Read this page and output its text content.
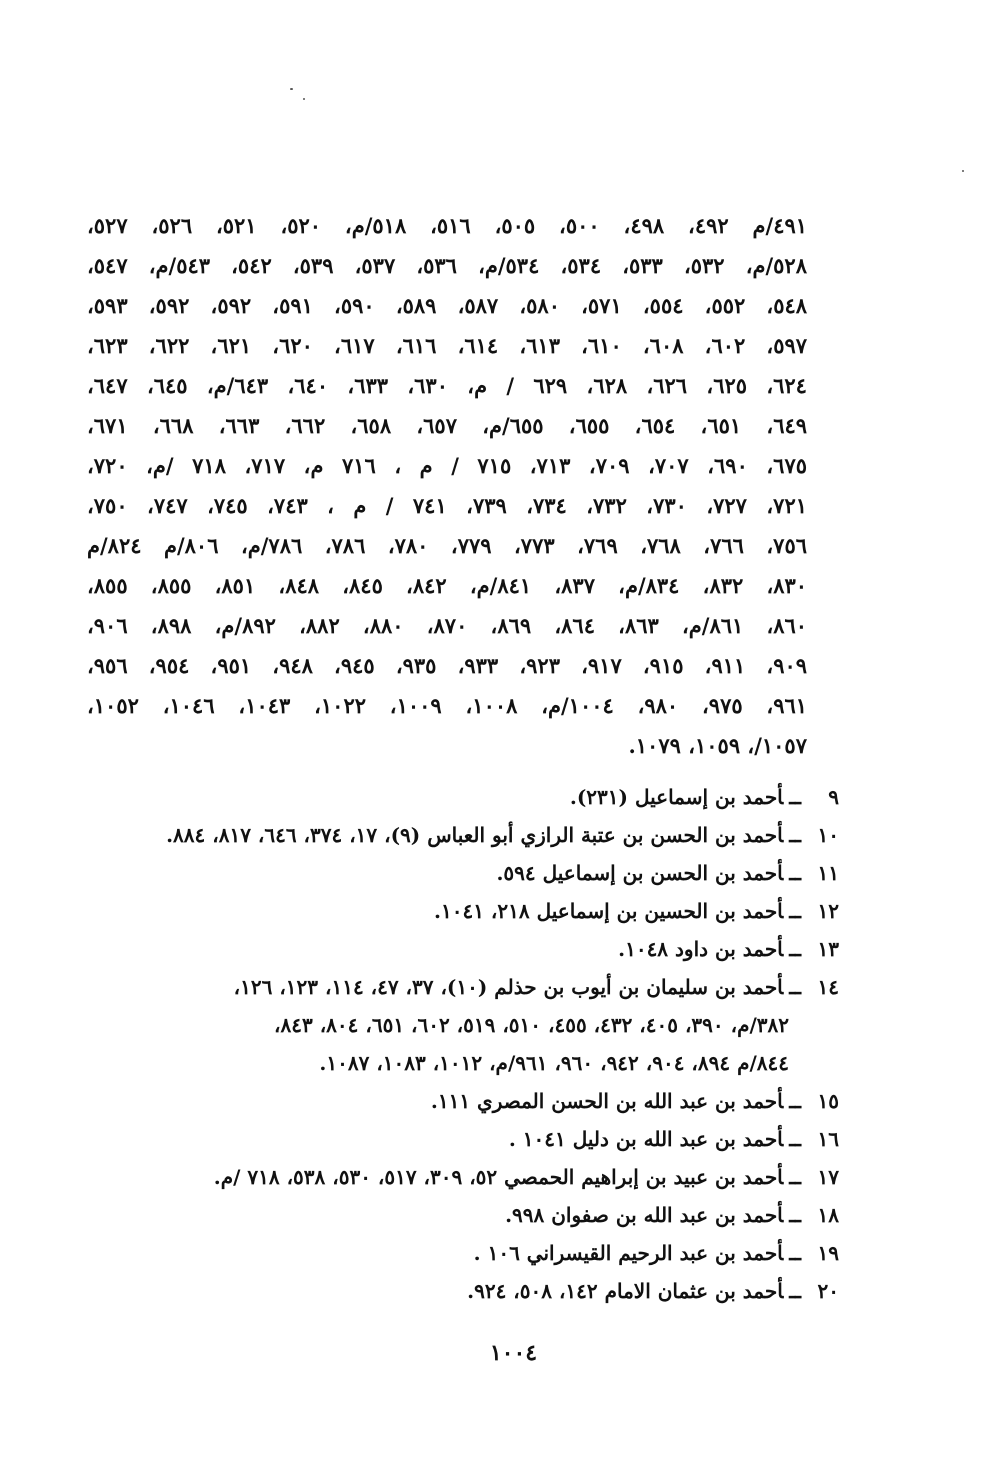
٤٩١/م ٤٩٢، ٤٩٨، ٥٠٠، ٥٠٥، ٥١٦، ٥١٨/م، ٥٢٠، ٥٢١، ٥٢٦، ٥٢٧،
٥٢٨/م، ٥٣٢، ٥٣٣، ٥٣٤، ٥٣٤/م، ٥٣٦، ٥٣٧، ٥٣٩، ٥٤٢، ٥٤٣/م، ٥٤٧،
٥٤٨، ٥٥٢، ٥٥٤، ٥٧١، ٥٨٠، ٥٨٧، ٥٨٩، ٥٩٠، ٥٩١، ٥٩٢، ٥٩٢، ٥٩٣،
٥٩٧، ٦٠٢، ٦٠٨، ٦١٠، ٦١٣، ٦١٤، ٦١٦، ٦١٧، ٦٢٠، ٦٢١، ٦٢٢، ٦٢٣،
٦٢٤، ٦٢٥، ٦٢٦، ٦٢٨، ٦٢٩ / م، ٦٣٠، ٦٣٣، ٦٤٠، ٦٤٣/م، ٦٤٥، ٦٤٧،
٦٤٩، ٦٥١، ٦٥٤، ٦٥٥، ٦٥٥/م، ٦٥٧، ٦٥٨، ٦٦٢، ٦٦٣، ٦٦٨، ٦٧١،
٦٧٥، ٦٩٠، ٧٠٧، ٧٠٩، ٧١٣، ٧١٥ / م ، ٧١٦ م، ٧١٧، ٧١٨ /م، ٧٢٠،
٧٢١، ٧٢٧، ٧٣٠، ٧٣٢، ٧٣٤، ٧٣٩، ٧٤١ / م ، ٧٤٣، ٧٤٥، ٧٤٧، ٧٥٠،
٧٥٦، ٧٦٦، ٧٦٨، ٧٦٩، ٧٧٣، ٧٧٩، ٧٨٠، ٧٨٦، ٧٨٦/م، ٨٠٦/م ٨٢٤/م
٨٣٠، ٨٣٢، ٨٣٤/م، ٨٣٧، ٨٤١/م، ٨٤٢، ٨٤٥، ٨٤٨، ٨٥١، ٨٥٥، ٨٥٥،
٨٦٠، ٨٦١/م، ٨٦٣، ٨٦٤، ٨٦٩، ٨٧٠، ٨٨٠، ٨٨٢، ٨٩٢/م، ٨٩٨، ٩٠٦،
٩٠٩، ٩١١، ٩١٥، ٩١٧، ٩٢٣، ٩٣٣، ٩٣٥، ٩٤٥، ٩٤٨، ٩٥١، ٩٥٤، ٩٥٦،
٩٦١، ٩٧٥، ٩٨٠، ١٠٠٤/م، ١٠٠٨، ١٠٠٩، ١٠٢٢، ١٠٤٣، ١٠٤٦، ١٠٥٢،
١٠٥٧/، ١٠٥٩، ١٠٧٩.
٩ــأحمد بن إسماعيل (٢٣١).
١٠ــأحمد بن الحسن بن عتبة الرازي أبو العباس (٩)، ١٧، ٣٧٤، ٦٤٦، ٨١٧، ٨٨٤.
١١ــأحمد بن الحسن بن إسماعيل ٥٩٤.
١٢ــأحمد بن الحسين بن إسماعيل ٢١٨، ١٠٤١.
١٣ــأحمد بن داود ١٠٤٨.
١٤ــأحمد بن سليمان بن أيوب بن حذلم (١٠)، ٣٧، ٤٧، ١١٤، ١٢٣، ١٢٦،
٣٨٢/م، ٣٩٠، ٤٠٥، ٤٣٢، ٤٥٥، ٥١٠، ٥١٩، ٦٠٢، ٦٥١، ٨٠٤، ٨٤٣،
٨٤٤/م ٨٩٤، ٩٠٤، ٩٤٢، ٩٦٠، ٩٦١/م، ١٠١٢، ١٠٨٣، ١٠٨٧.
١٥ــأحمد بن عبد الله بن الحسن المصري ١١١.
١٦ــأحمد بن عبد الله بن دليل ١٠٤١ .
١٧ــأحمد بن عبيد بن إبراهيم الحمصي ٥٢، ٣٠٩، ٥١٧، ٥٣٠، ٥٣٨، ٧١٨ /م.
١٨ــأحمد بن عبد الله بن صفوان ٩٩٨.
١٩ــأحمد بن عبد الرحيم القيسراني ١٠٦ .
٢٠ــأحمد بن عثمان الامام ١٤٢، ٥٠٨، ٩٢٤.
١٠٠٤
